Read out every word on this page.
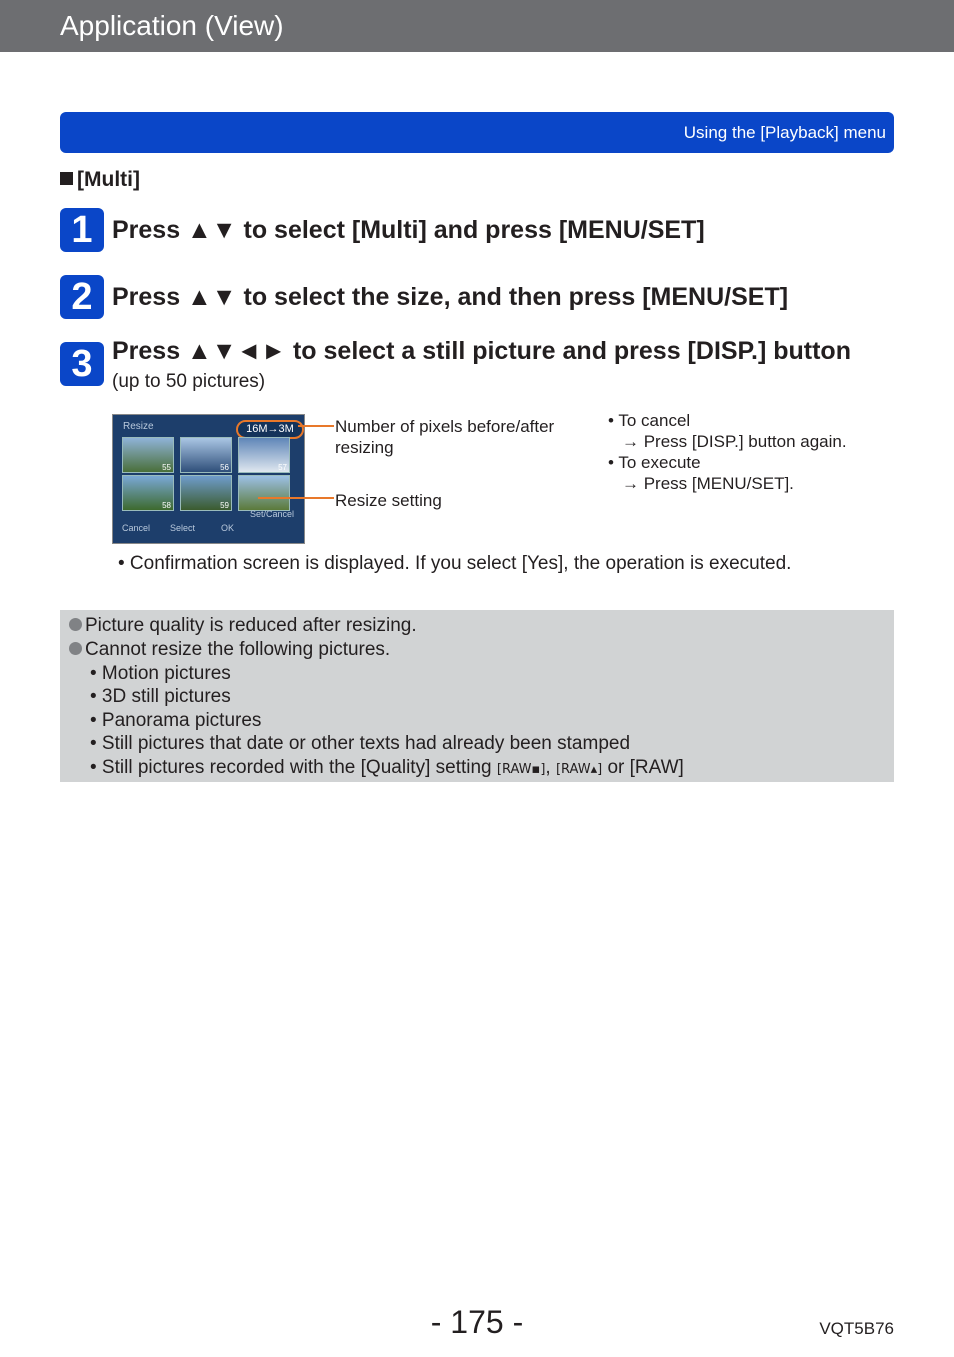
Application (View)
Using the [Playback] menu
[Multi]
1 Press ▲▼ to select [Multi] and press [MENU/SET]
2 Press ▲▼ to select the size, and then press [MENU/SET]
3 Press ▲▼◄► to select a still picture and press [DISP.] button
(up to 50 pictures)
Resize	16M→3M
55	56	57
58	59
Set/Cancel
Cancel Select	OK
Number of pixels before/after
resizing
Resize setting
• To cancel
→ Press [DISP.] button again.
• To execute
→ Press [MENU/SET].
• Confirmation screen is displayed. If you select [Yes], the operation is executed.
Picture quality is reduced after resizing.
Cannot resize the following pictures.
• Motion pictures
• 3D still pictures
• Panorama pictures
• Still pictures that date or other texts had already been stamped
• Still pictures recorded with the [Quality] setting [RAW▪], [RAW▴] or [RAW]
- 175 -	VQT5B76
